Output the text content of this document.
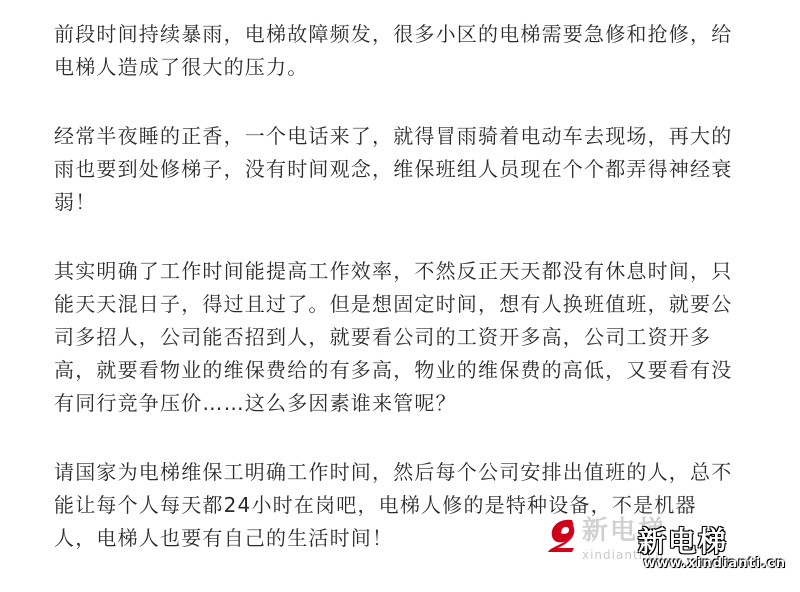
前段时间持续暴雨，电梯故障频发，很多小区的电梯需要急修和抢修，给
电梯人造成了很大的压力。
经常半夜睡的正香，一个电话来了，就得冒雨骑着电动车去现场，再大的
雨也要到处修梯子，没有时间观念，维保班组人员现在个个都弄得神经衰
弱！
其实明确了工作时间能提高工作效率，不然反正天天都没有休息时间，只
能天天混日子，得过且过了。但是想固定时间，想有人换班值班，就要公
司多招人，公司能否招到人，就要看公司的工资开多高，公司工资开多
高，就要看物业的维保费给的有多高，物业的维保费的高低，又要看有没
有同行竞争压价……这么多因素谁来管呢？
请国家为电梯维保工明确工作时间，然后每个公司安排出值班的人，总不
能让每个人每天都24小时在岗吧，电梯人修的是特种设备，不是机器
人，电梯人也要有自己的生活时间！	新电梯
xindianti.cn
新电梯
www.xindianti.cn
